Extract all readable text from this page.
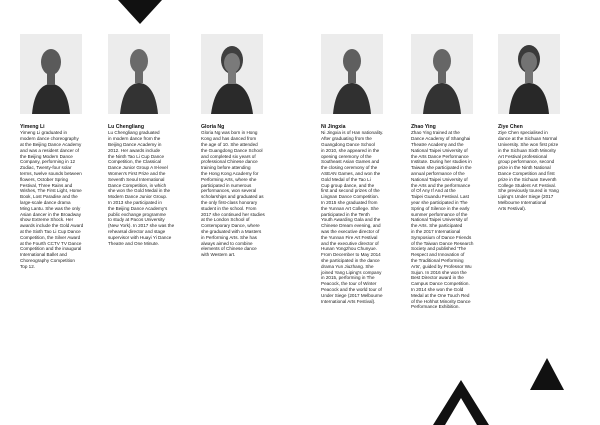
Yimeng Li
Yimeng Li graduated in
modern dance choreography
at the Beijing Dance Academy
and was a resident dancer of
the Beijing Modern Dance
Company, performing in 12
Zodiac, Twenty-four solar
terms, twelve sounds between
flowers, October Spring
Festival, Three Rains and
Wishes, The First Light, Home
Book, Lost Paradise and the
large-scale dance drama
Ming Lantu. She was the only
Asian dancer in the Broadway
show Extreme Shock. Her
awards include the Gold Award
at the Sixth Tao Li Cup Dance
Competition, the Silver Award
at the Fourth CCTV TV Dance
Competition and the inaugural
International Ballet and
Choreography Competition
Top 12.
Lu Chengliang
Lu Chengliang graduated
in modern dance from the
Beijing Dance Academy in
2012. Her awards include
the Ninth Tao Li Cup Dance
Competition, the Classical
Dance Junior Group A 8-level
Women's First Prize and the
Seventh Seoul International
Dance Competition, in which
she won the Gold Medal in the
Modern Dance Junior Group.
In 2013 she participated in
the Beijing Dance Academy's
public exchange programme
to study at Pacos University
(New York). In 2017 she was the
rehearsal director and stage
supervisor with Huayi Yi Dance
Theatre and One Minute.
Gloria Ng
Gloria Ng was born in Hong
Kong and has danced from
the age of 10. She attended
the Guangdong Dance School
and completed six years of
professional Chinese dance
training before attending
the Hong Kong Academy for
Performing Arts, where she
participated in numerous
performances, won several
scholarships and graduated as
the only first-class honorary
student in the school. From
2017 she continued her studies
at the London School of
Contemporary Dance, where
she graduated with a Masters
in Performing Arts. She has
always aimed to combine
elements of Chinese dance
with Western art.
Ni Jingxia
Ni Jingxia is of Han nationality.
After graduating from the
Guangdong Dance School
in 2010, she appeared in the
opening ceremony of the
Southeast Asian Games and
the closing ceremony of the
ASEAN Games, and won the
Gold Medal of the Tao Li
Cup group dance, and the
first and second prizes of the
Lingnan Dance Competition.
In 2015 she graduated from
the Yunnan Art College. She
participated in the Tenth
Youth Awarding Gala and the
Chinese Dream evening, and
was the executive director of
the Yunnan Fire Art Festival
and the executive director of
Hunan Yongzhou Chunyue.
From December to May 2014
she participated in the dance
drama Yun Jiuzhang. She
joined Yang Liping's company
in 2015, performing in The
Peacock, the tour of Winter
Peacock and the world tour of
Under Siege (2017 Melbourne
International Arts Festival).
Zhao Ying
Zhao Ying trained at the
Dance Academy of Shanghai
Theatre Academy and the
National Taipei University of
the Arts Dance Performance
Institute. During her studies in
Taiwan she participated in the
annual performance of the
National Taipei University of
the Arts and the performance
of Of Any If And at the
Taipei Guandu Festival. Last
year she participated in The
Spring of Silence in the early
summer performance of the
National Taipei University of
the Arts. She participated
in the 2017 International
Symposium of Dance Friends
of the Taiwan Dance Research
Society and published 'The
Respect and Innovation of
the Traditional Performing
Arts', guided by Professor Wu
Sujun. In 2016 she won the
Best Director award in the
Campus Dance Competition.
In 2014 she won the Gold
Medal at the One Touch Red
of the Hohhot Minority Dance
Performance Exhibition.
Ziye Chen
Ziye Chen specialised in
dance at the Sichuan Normal
University. She won first prize
in the Sichuan Sixth Minority
Art Festival professional
group performance, second
prize in the Ninth National
Dance Competition and first
prize in the Sichuan Seventh
College Student Art Festival.
She previously toured in Yang
Liping's Under Siege (2017
Melbourne International
Arts Festival).
